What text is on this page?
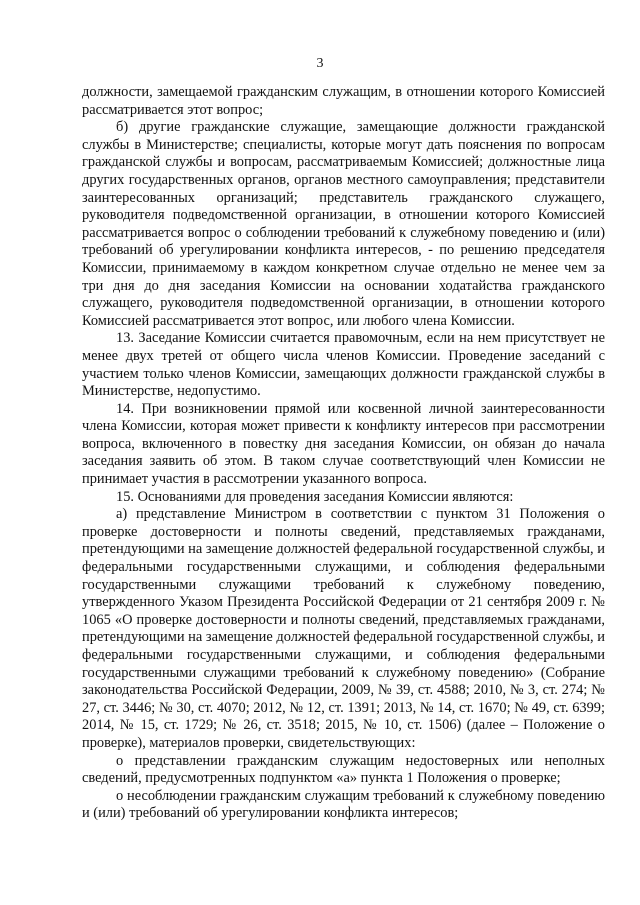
3

должности, замещаемой гражданским служащим, в отношении которого Комиссией рассматривается этот вопрос;

б) другие гражданские служащие, замещающие должности гражданской службы в Министерстве; специалисты, которые могут дать пояснения по вопросам гражданской службы и вопросам, рассматриваемым Комиссией; должностные лица других государственных органов, органов местного самоуправления; представители заинтересованных организаций; представитель гражданского служащего, руководителя подведомственной организации, в отношении которого Комиссией рассматривается вопрос о соблюдении требований к служебному поведению и (или) требований об урегулировании конфликта интересов, - по решению председателя Комиссии, принимаемому в каждом конкретном случае отдельно не менее чем за три дня до дня заседания Комиссии на основании ходатайства гражданского служащего, руководителя подведомственной организации, в отношении которого Комиссией рассматривается этот вопрос, или любого члена Комиссии.

13. Заседание Комиссии считается правомочным, если на нем присутствует не менее двух третей от общего числа членов Комиссии. Проведение заседаний с участием только членов Комиссии, замещающих должности гражданской службы в Министерстве, недопустимо.

14. При возникновении прямой или косвенной личной заинтересованности члена Комиссии, которая может привести к конфликту интересов при рассмотрении вопроса, включенного в повестку дня заседания Комиссии, он обязан до начала заседания заявить об этом. В таком случае соответствующий член Комиссии не принимает участия в рассмотрении указанного вопроса.

15. Основаниями для проведения заседания Комиссии являются:

а) представление Министром в соответствии с пунктом 31 Положения о проверке достоверности и полноты сведений, представляемых гражданами, претендующими на замещение должностей федеральной государственной службы, и федеральными государственными служащими, и соблюдения федеральными государственными служащими требований к служебному поведению, утвержденного Указом Президента Российской Федерации от 21 сентября 2009 г. № 1065 «О проверке достоверности и полноты сведений, представляемых гражданами, претендующими на замещение должностей федеральной государственной службы, и федеральными государственными служащими, и соблюдения федеральными государственными служащими требований к служебному поведению» (Собрание законодательства Российской Федерации, 2009, № 39, ст. 4588; 2010, № 3, ст. 274; № 27, ст. 3446; № 30, ст. 4070; 2012, № 12, ст. 1391; 2013, № 14, ст. 1670; № 49, ст. 6399; 2014, № 15, ст. 1729; № 26, ст. 3518; 2015, № 10, ст. 1506) (далее – Положение о проверке), материалов проверки, свидетельствующих:

о представлении гражданским служащим недостоверных или неполных сведений, предусмотренных подпунктом «а» пункта 1 Положения о проверке;

о несоблюдении гражданским служащим требований к служебному поведению и (или) требований об урегулировании конфликта интересов;
